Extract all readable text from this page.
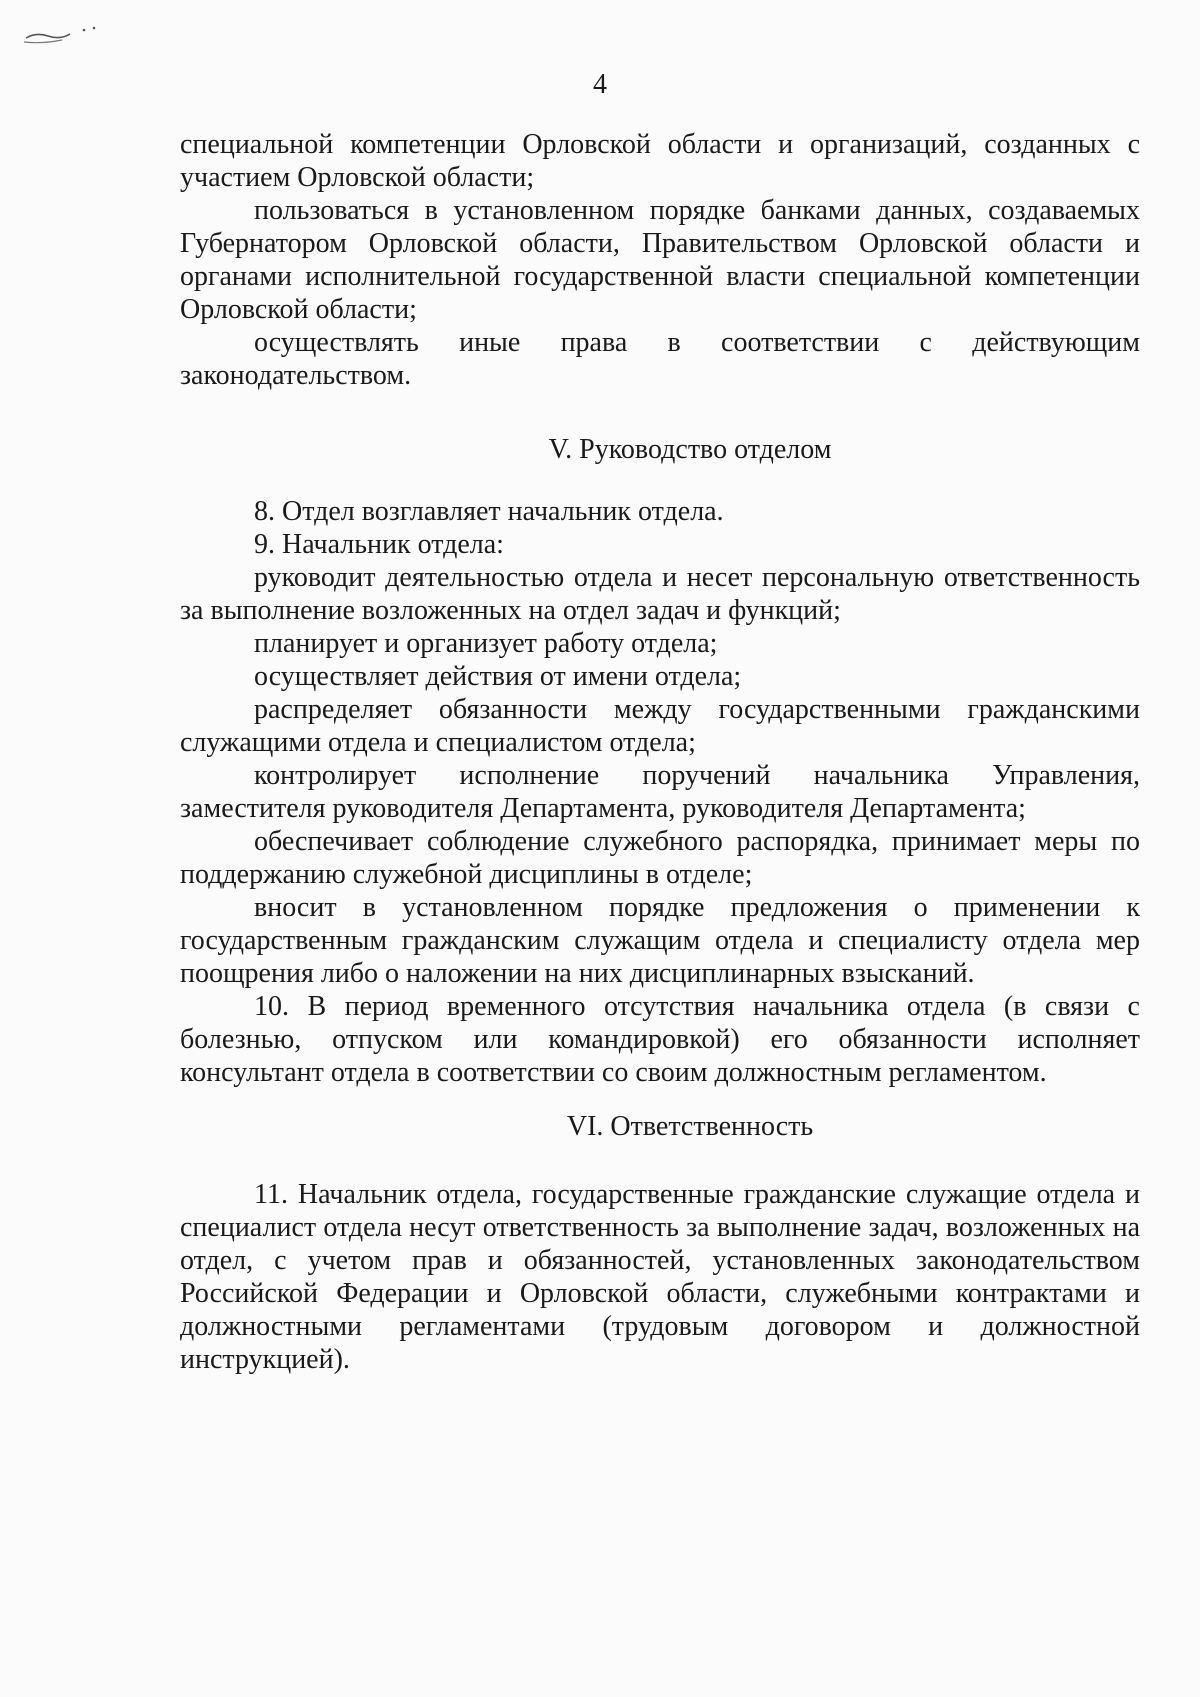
4

специальной компетенции Орловской области и организаций, созданных с участием Орловской области;

пользоваться в установленном порядке банками данных, создаваемых Губернатором Орловской области, Правительством Орловской области и органами исполнительной государственной власти специальной компетенции Орловской области;

осуществлять иные права в соответствии с действующим законодательством.

V. Руководство отделом

8. Отдел возглавляет начальник отдела.

9. Начальник отдела:

руководит деятельностью отдела и несет персональную ответственность за выполнение возложенных на отдел задач и функций;

планирует и организует работу отдела;

осуществляет действия от имени отдела;

распределяет обязанности между государственными гражданскими служащими отдела и специалистом отдела;

контролирует исполнение поручений начальника Управления, заместителя руководителя Департамента, руководителя Департамента;

обеспечивает соблюдение служебного распорядка, принимает меры по поддержанию служебной дисциплины в отделе;

вносит в установленном порядке предложения о применении к государственным гражданским служащим отдела и специалисту отдела мер поощрения либо о наложении на них дисциплинарных взысканий.

10. В период временного отсутствия начальника отдела (в связи с болезнью, отпуском или командировкой) его обязанности исполняет консультант отдела в соответствии со своим должностным регламентом.

VI. Ответственность

11. Начальник отдела, государственные гражданские служащие отдела и специалист отдела несут ответственность за выполнение задач, возложенных на отдел, с учетом прав и обязанностей, установленных законодательством Российской Федерации и Орловской области, служебными контрактами и должностными регламентами (трудовым договором и должностной инструкцией).
